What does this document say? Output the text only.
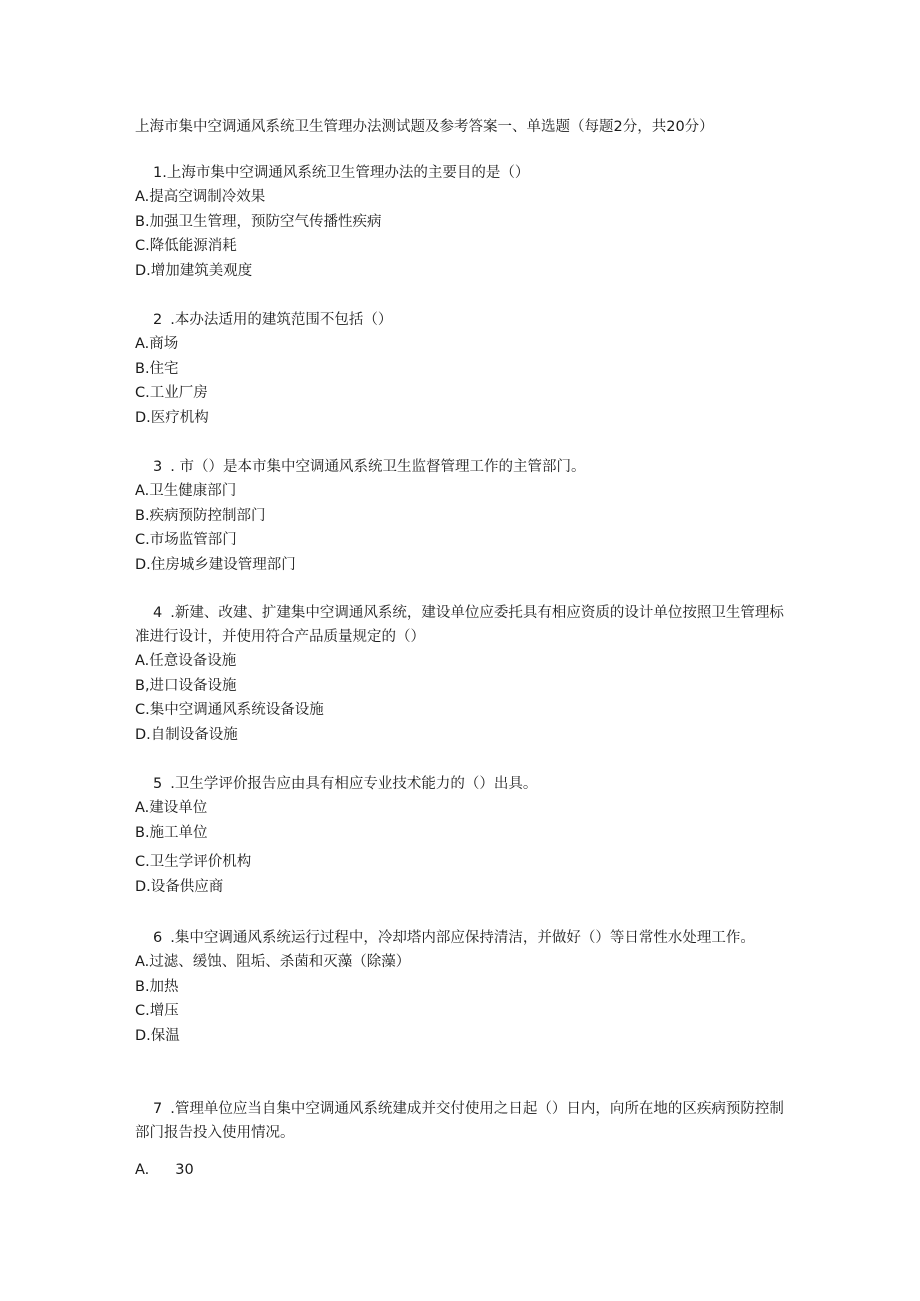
上海市集中空调通风系统卫生管理办法测试题及参考答案一、单选题（每题2分，共20分）

1.上海市集中空调通风系统卫生管理办法的主要目的是（）

A.提高空调制冷效果

B.加强卫生管理，预防空气传播性疾病

C.降低能源消耗

D.增加建筑美观度

2 .本办法适用的建筑范围不包括（）

A.商场

B.住宅

C.工业厂房

D.医疗机构

3 . 市（）是本市集中空调通风系统卫生监督管理工作的主管部门。

A.卫生健康部门

B.疾病预防控制部门

C.市场监管部门

D.住房城乡建设管理部门

4 .新建、改建、扩建集中空调通风系统，建设单位应委托具有相应资质的设计单位按照卫生管理标准进行设计，并使用符合产品质量规定的（）

A.任意设备设施

B,进口设备设施

C.集中空调通风系统设备设施

D.自制设备设施

5 .卫生学评价报告应由具有相应专业技术能力的（）出具。

A.建设单位

B.施工单位

C.卫生学评价机构

D.设备供应商

6 .集中空调通风系统运行过程中，冷却塔内部应保持清洁，并做好（）等日常性水处理工作。

A.过滤、缓蚀、阻垢、杀菌和灭藻（除藻）

B.加热

C.增压

D.保温

7 .管理单位应当自集中空调通风系统建成并交付使用之日起（）日内，向所在地的区疾病预防控制部门报告投入使用情况。

A. 30
